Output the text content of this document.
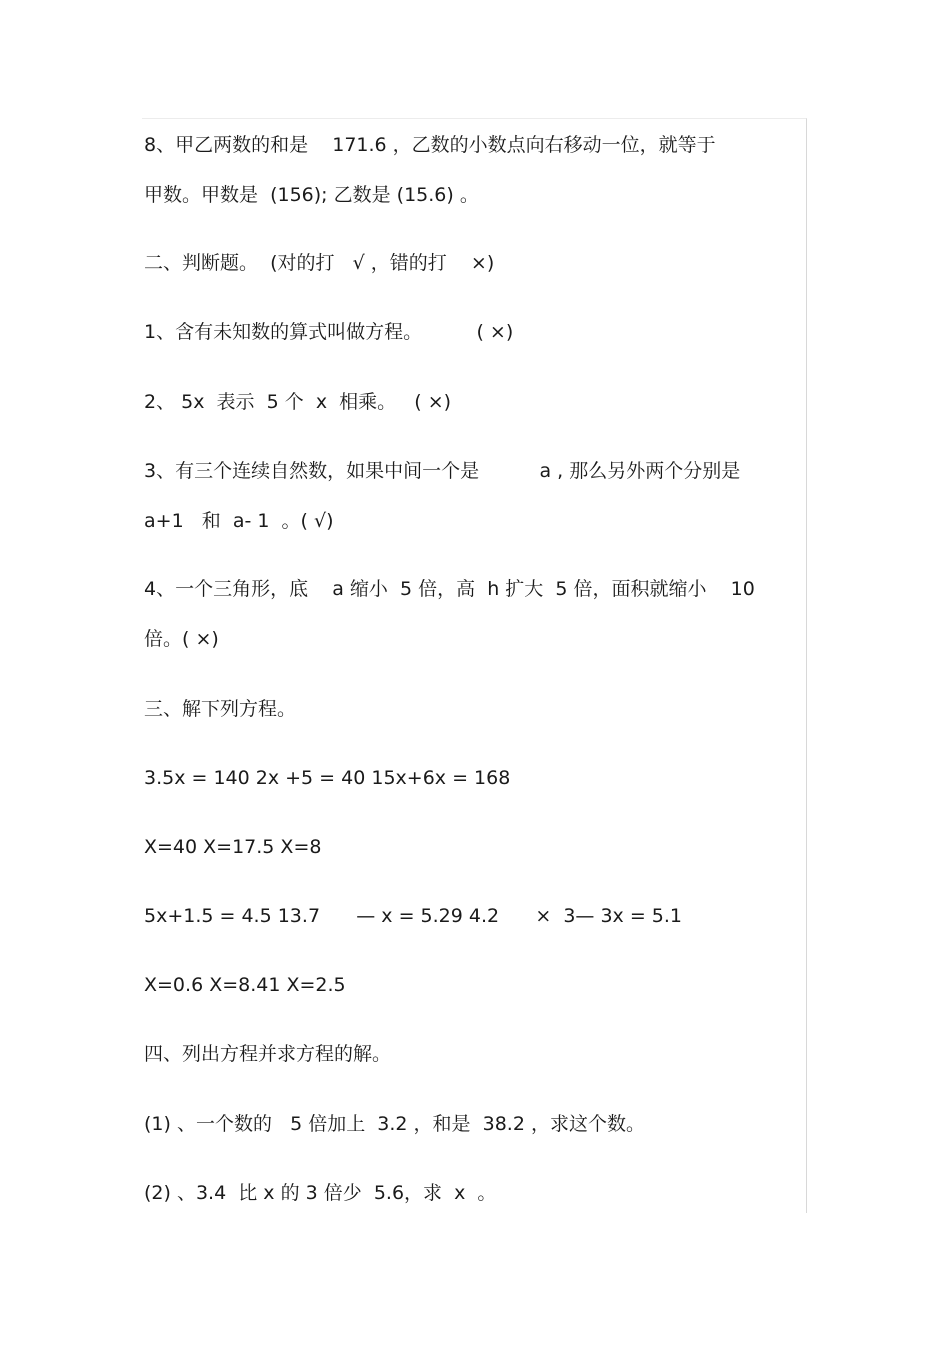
8、甲乙两数的和是    171.6 ，乙数的小数点向右移动一位，就等于
甲数。甲数是  (156); 乙数是 (15.6) 。
二、判断题。  (对的打   √ ，错的打    ×)
1、含有未知数的算式叫做方程。         ( ×)
2、 5x  表示  5 个  x  相乘。   ( ×)
3、有三个连续自然数，如果中间一个是          a , 那么另外两个分别是
a+1   和  a- 1  。( √)
4、一个三角形，底    a 缩小  5 倍，高  h 扩大  5 倍，面积就缩小    10
倍。( ×)
三、解下列方程。
3.5x = 140 2x +5 = 40 15x+6x = 168
X=40 X=17.5 X=8
5x+1.5 = 4.5 13.7      — x = 5.29 4.2      ×  3— 3x = 5.1
X=0.6 X=8.41 X=2.5
四、列出方程并求方程的解。
(1) 、一个数的   5 倍加上  3.2 ，和是  38.2 ，求这个数。
(2) 、3.4  比 x 的 3 倍少  5.6，求  x  。
